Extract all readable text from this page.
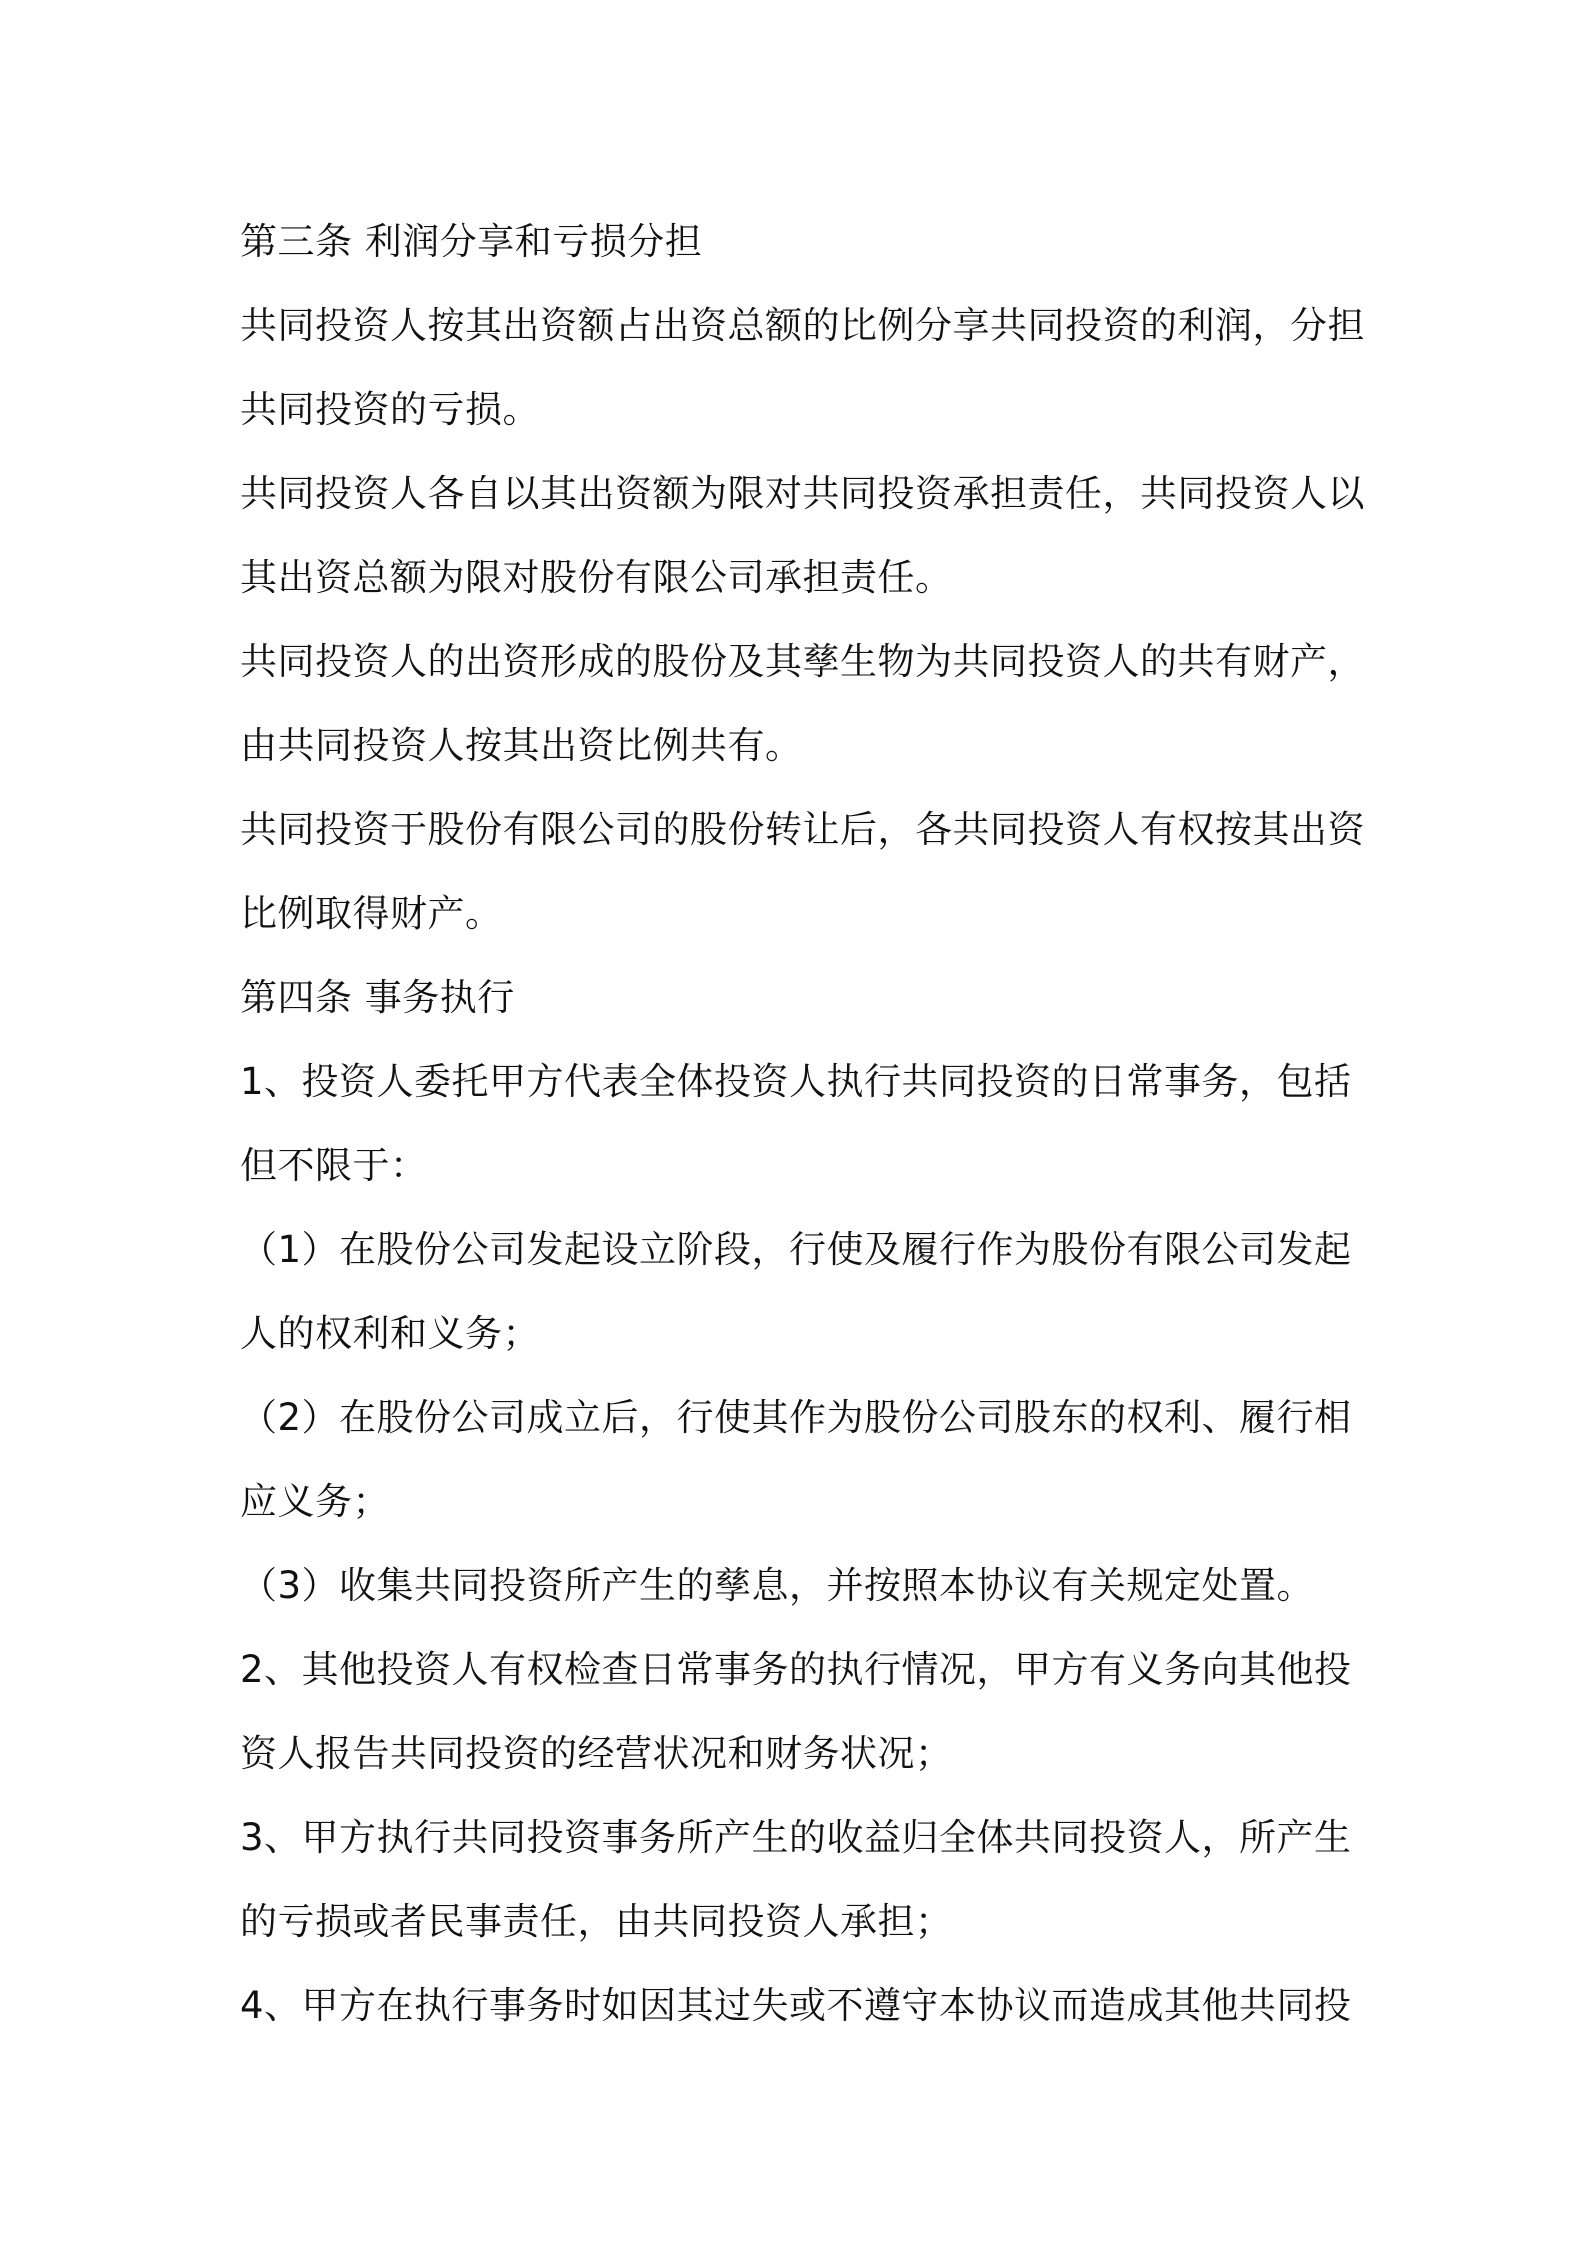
第三条 利润分享和亏损分担
共同投资人按其出资额占出资总额的比例分享共同投资的利润，分担
共同投资的亏损。
共同投资人各自以其出资额为限对共同投资承担责任，共同投资人以
其出资总额为限对股份有限公司承担责任。
共同投资人的出资形成的股份及其孳生物为共同投资人的共有财产，
由共同投资人按其出资比例共有。
共同投资于股份有限公司的股份转让后，各共同投资人有权按其出资
比例取得财产。
第四条 事务执行
1、投资人委托甲方代表全体投资人执行共同投资的日常事务，包括
但不限于：
（1）在股份公司发起设立阶段，行使及履行作为股份有限公司发起
人的权利和义务；
（2）在股份公司成立后，行使其作为股份公司股东的权利、履行相
应义务；
（3）收集共同投资所产生的孳息，并按照本协议有关规定处置。
2、其他投资人有权检查日常事务的执行情况，甲方有义务向其他投
资人报告共同投资的经营状况和财务状况；
3、甲方执行共同投资事务所产生的收益归全体共同投资人，所产生
的亏损或者民事责任，由共同投资人承担；
4、甲方在执行事务时如因其过失或不遵守本协议而造成其他共同投
